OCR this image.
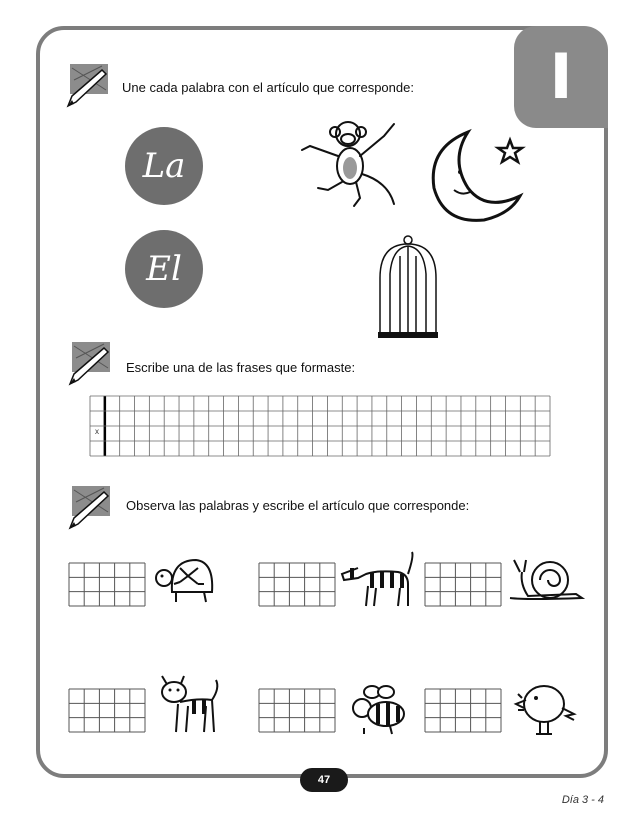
I
Une cada palabra con el artículo que corresponde:
La
El
Escribe una de las frases que formaste:
x
Observa las palabras y escribe el artículo que corresponde:
47
Día 3 - 4
